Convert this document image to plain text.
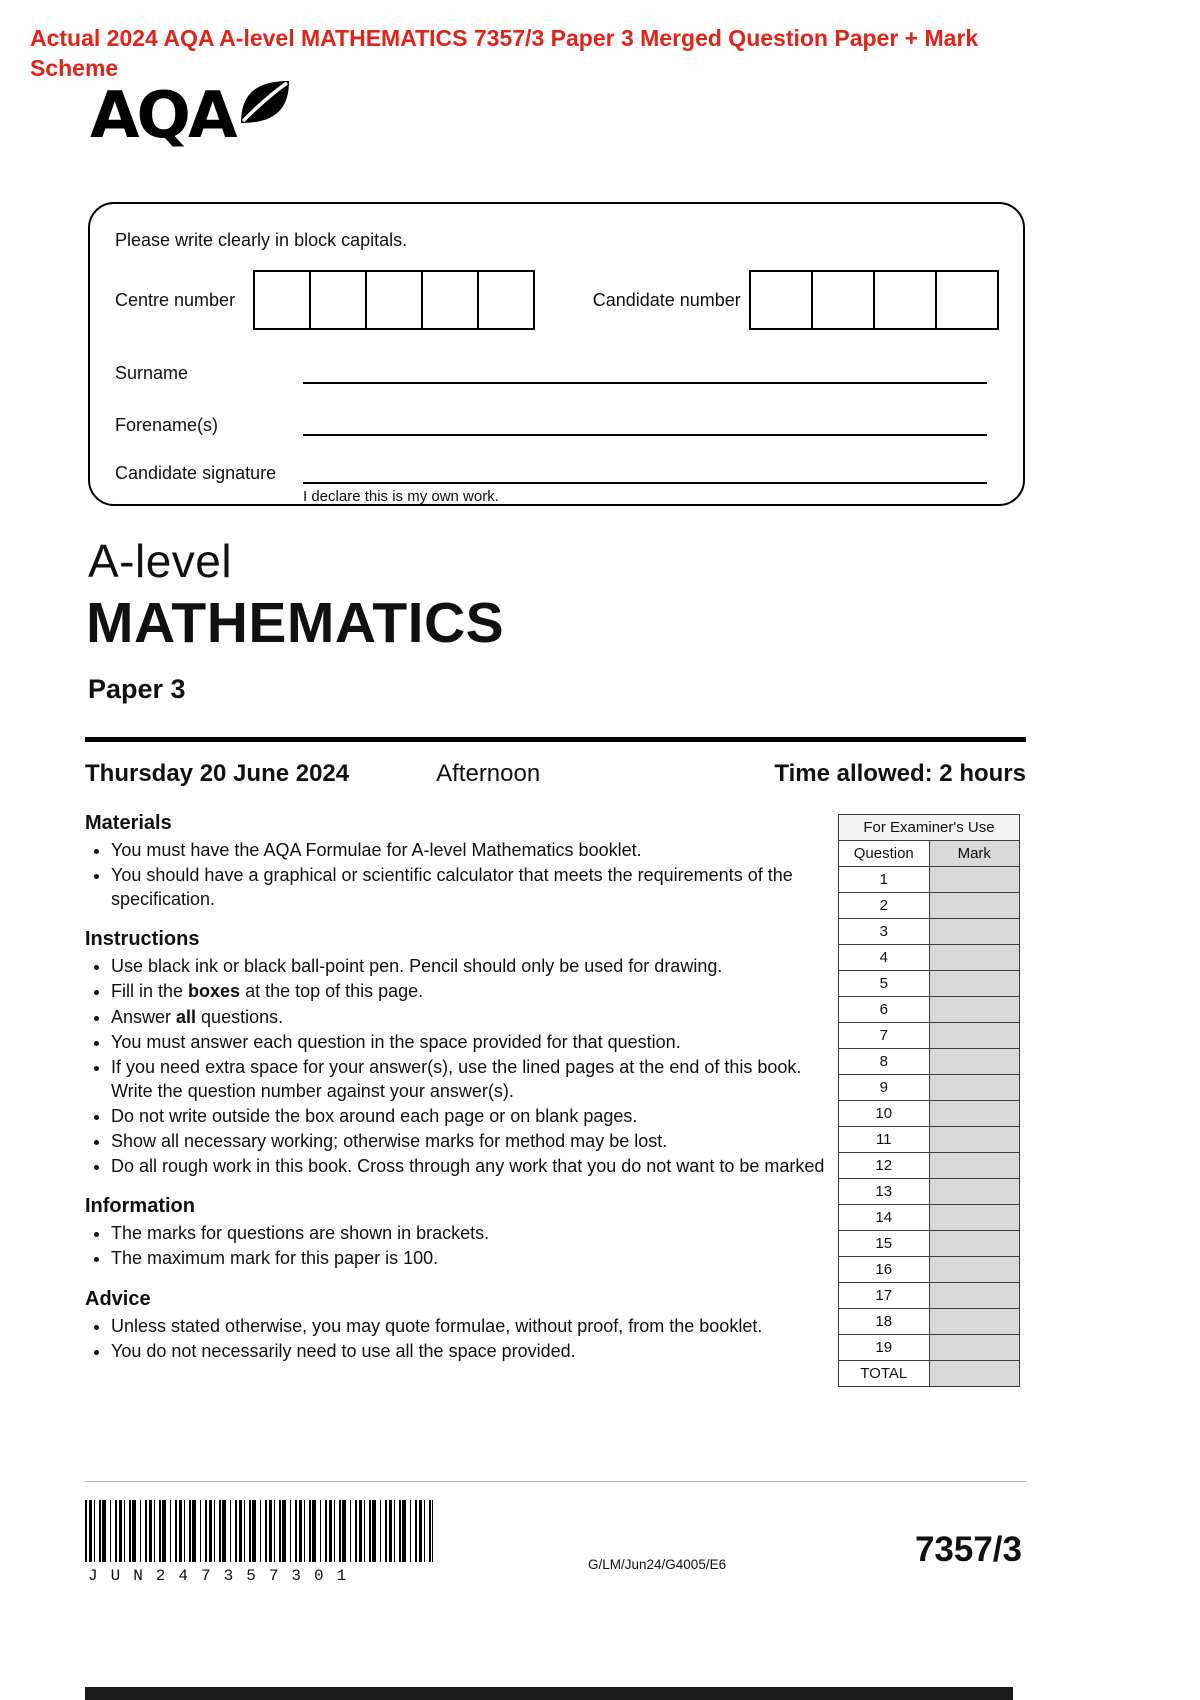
Actual 2024 AQA A-level MATHEMATICS 7357/3 Paper 3 Merged Question Paper + Mark Scheme
AQA
Please write clearly in block capitals.
Centre number	Candidate number
Surname
Forename(s)
Candidate signature
I declare this is my own work.
A-level
MATHEMATICS
Paper 3
Thursday 20 June 2024	Afternoon	Time allowed: 2 hours
Materials
• You must have the AQA Formulae for A-level Mathematics booklet.
• You should have a graphical or scientific calculator that meets the requirements of the specification.
Instructions
• Use black ink or black ball-point pen. Pencil should only be used for drawing.
• Fill in the boxes at the top of this page.
• Answer all questions.
• You must answer each question in the space provided for that question.
• If you need extra space for your answer(s), use the lined pages at the end of this book. Write the question number against your answer(s).
• Do not write outside the box around each page or on blank pages.
• Show all necessary working; otherwise marks for method may be lost.
• Do all rough work in this book. Cross through any work that you do not want to be marked
Information
• The marks for questions are shown in brackets.
• The maximum mark for this paper is 100.
Advice
• Unless stated otherwise, you may quote formulae, without proof, from the booklet.
• You do not necessarily need to use all the space provided.
For Examiner's Use	
Question	Mark
1	
2	
3	
4	
5	
6	
7	
8	
9	
10	
11	
12	
13	
14	
15	
16	
17	
18	
19	
TOTAL	
JUN247357301
G/LM/Jun24/G4005/E6	7357/3
